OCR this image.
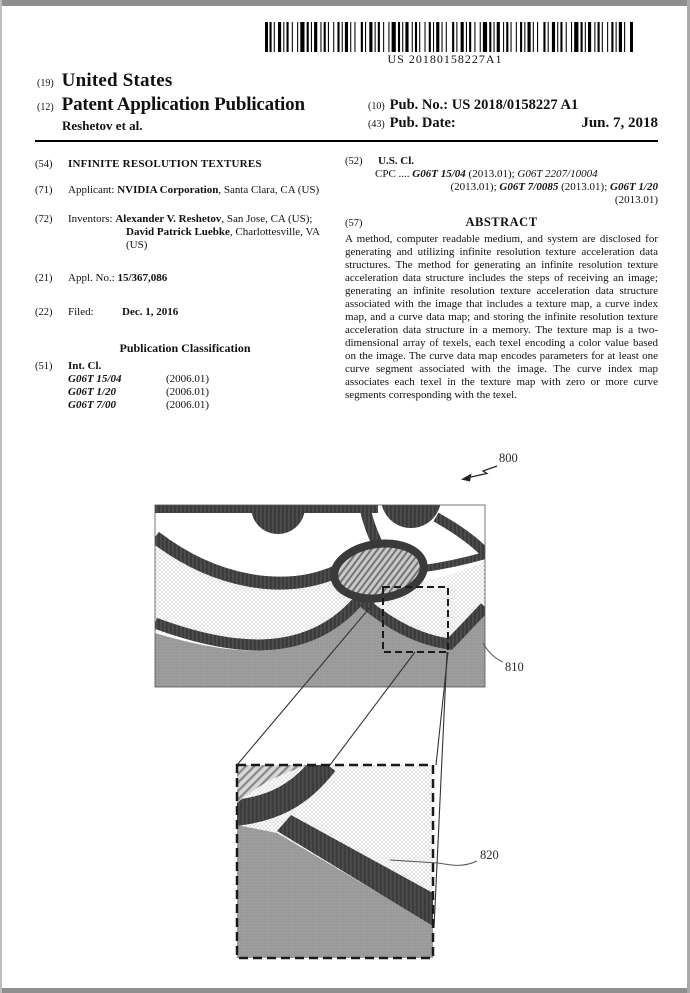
US 20180158227A1
(19) United States
(12) Patent Application Publication
Reshetov et al.
(10) Pub. No.: US 2018/0158227 A1
(43) Pub. Date:	Jun. 7, 2018
(54)	INFINITE RESOLUTION TEXTURES
(71)	Applicant: NVIDIA Corporation, Santa Clara, CA (US)
(72)	Inventors: Alexander V. Reshetov, San Jose, CA (US); David Patrick Luebke, Charlottesville, VA (US)
(21)	Appl. No.: 15/367,086
(22)	Filed:	Dec. 1, 2016
Publication Classification
(51)	Int. Cl.
G06T 15/04	(2006.01)
G06T 1/20	(2006.01)
G06T 7/00	(2006.01)
(52)	U.S. Cl.
CPC .... G06T 15/04 (2013.01); G06T 2207/10004
(2013.01); G06T 7/0085 (2013.01); G06T 1/20
(2013.01)
(57)	ABSTRACT
A method, computer readable medium, and system are disclosed for generating and utilizing infinite resolution texture acceleration data structures. The method for generating an infinite resolution texture acceleration data structure includes the steps of receiving an image; generating an infinite resolution texture acceleration data structure associated with the image that includes a texture map, a curve index map, and a curve data map; and storing the infinite resolution texture acceleration data structure in a memory. The texture map is a two-dimensional array of texels, each texel encoding a color value based on the image. The curve data map encodes parameters for at least one curve segment associated with the image. The curve index map associates each texel in the texture map with zero or more curve segments corresponding with the texel.
800
810
820
